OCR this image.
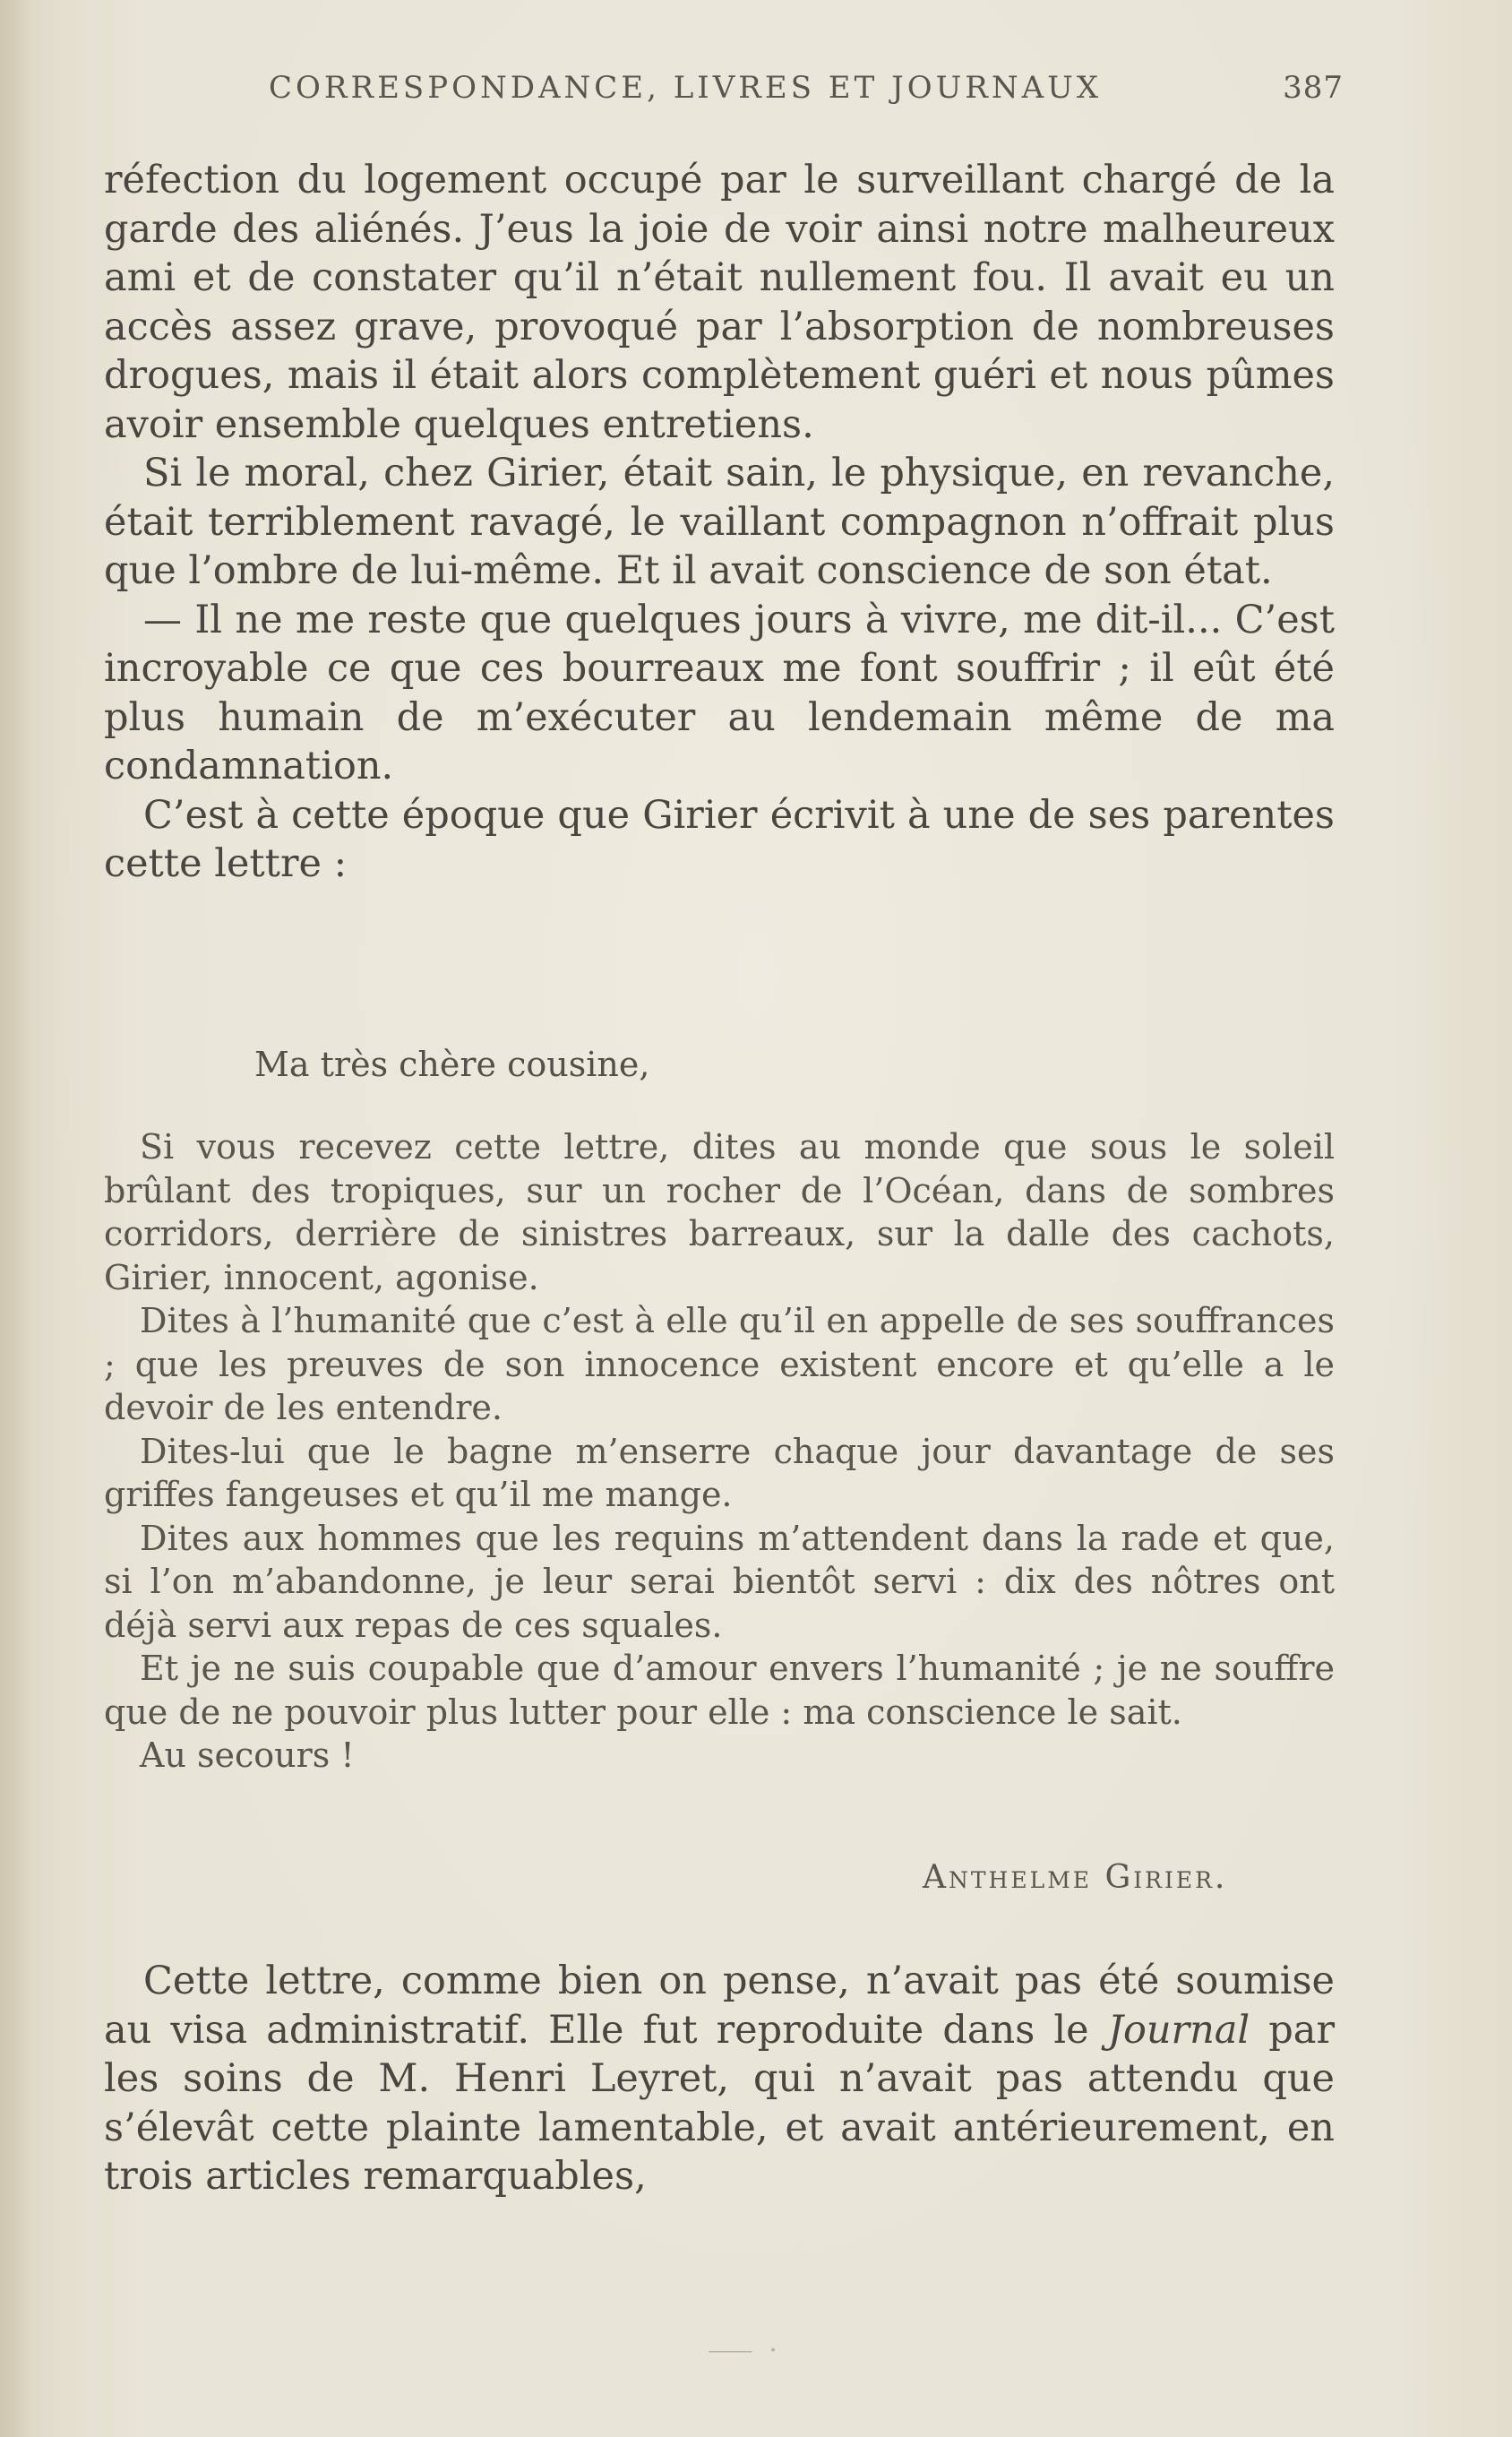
CORRESPONDANCE, LIVRES ET JOURNAUX	387

réfection du logement occupé par le surveillant chargé de la garde des aliénés. J’eus la joie de voir ainsi notre malheureux ami et de constater qu’il n’était nullement fou. Il avait eu un accès assez grave, provoqué par l’absorption de nombreuses drogues, mais il était alors complètement guéri et nous pûmes avoir ensemble quelques entretiens.

Si le moral, chez Girier, était sain, le physique, en revanche, était terriblement ravagé, le vaillant compagnon n’offrait plus que l’ombre de lui-même. Et il avait conscience de son état.

— Il ne me reste que quelques jours à vivre, me dit-il... C’est incroyable ce que ces bourreaux me font souffrir ; il eût été plus humain de m’exécuter au lendemain même de ma condamnation.

C’est à cette époque que Girier écrivit à une de ses parentes cette lettre :

Ma très chère cousine,

Si vous recevez cette lettre, dites au monde que sous le soleil brûlant des tropiques, sur un rocher de l’Océan, dans de sombres corridors, derrière de sinistres barreaux, sur la dalle des cachots, Girier, innocent, agonise.

Dites à l’humanité que c’est à elle qu’il en appelle de ses souffrances ; que les preuves de son innocence existent encore et qu’elle a le devoir de les entendre.

Dites-lui que le bagne m’enserre chaque jour davantage de ses griffes fangeuses et qu’il me mange.

Dites aux hommes que les requins m’attendent dans la rade et que, si l’on m’abandonne, je leur serai bientôt servi : dix des nôtres ont déjà servi aux repas de ces squales.

Et je ne suis coupable que d’amour envers l’humanité ; je ne souffre que de ne pouvoir plus lutter pour elle : ma conscience le sait.

Au secours !

Anthelme Girier.

Cette lettre, comme bien on pense, n’avait pas été soumise au visa administratif. Elle fut reproduite dans le Journal par les soins de M. Henri Leyret, qui n’avait pas attendu que s’élevât cette plainte lamentable, et avait antérieurement, en trois articles remarquables,

⸺ ·
